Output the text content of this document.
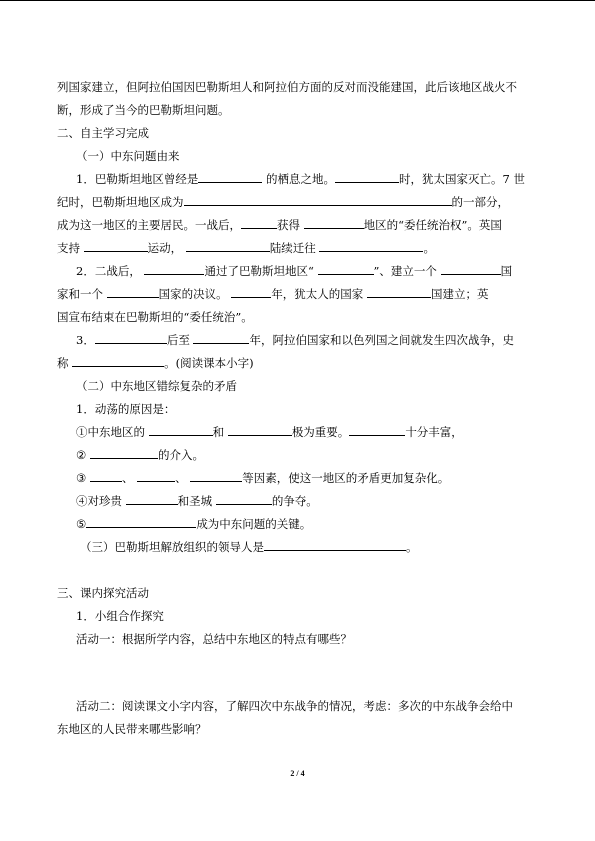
列国家建立，但阿拉伯国因巴勒斯坦人和阿拉伯方面的反对而没能建国，此后该地区战火不
断，形成了当今的巴勒斯坦问题。
二、自主学习完成
（一）中东问题由来
1．巴勒斯坦地区曾经是	的栖息之地。	时，犹太国家灭亡。7 世
纪时，巴勒斯坦地区成为	的一部分，
成为这一地区的主要居民。一战后，	获得	地区的“委任统治权”。英国
支持	运动，	陆续迁往	。
2．二战后，	通过了巴勒斯坦地区“	”、建立一个	国
家和一个	国家的决议。	年，犹太人的国家	国建立；英
国宣布结束在巴勒斯坦的“委任统治”。
3．	后至	年，阿拉伯国家和以色列国之间就发生四次战争，史
称	。(阅读课本小字)
（二）中东地区错综复杂的矛盾
1．动荡的原因是：
①中东地区的	和	极为重要。	十分丰富，
②	的介入。
③	、	、	等因素，使这一地区的矛盾更加复杂化。
④对珍贵	和圣城	的争夺。
⑤	成为中东问题的关键。
（三）巴勒斯坦解放组织的领导人是	。
三、课内探究活动
1．小组合作探究
活动一：根据所学内容，总结中东地区的特点有哪些？
活动二：阅读课文小字内容，了解四次中东战争的情况，考虑：多次的中东战争会给中
东地区的人民带来哪些影响？
2 / 4
